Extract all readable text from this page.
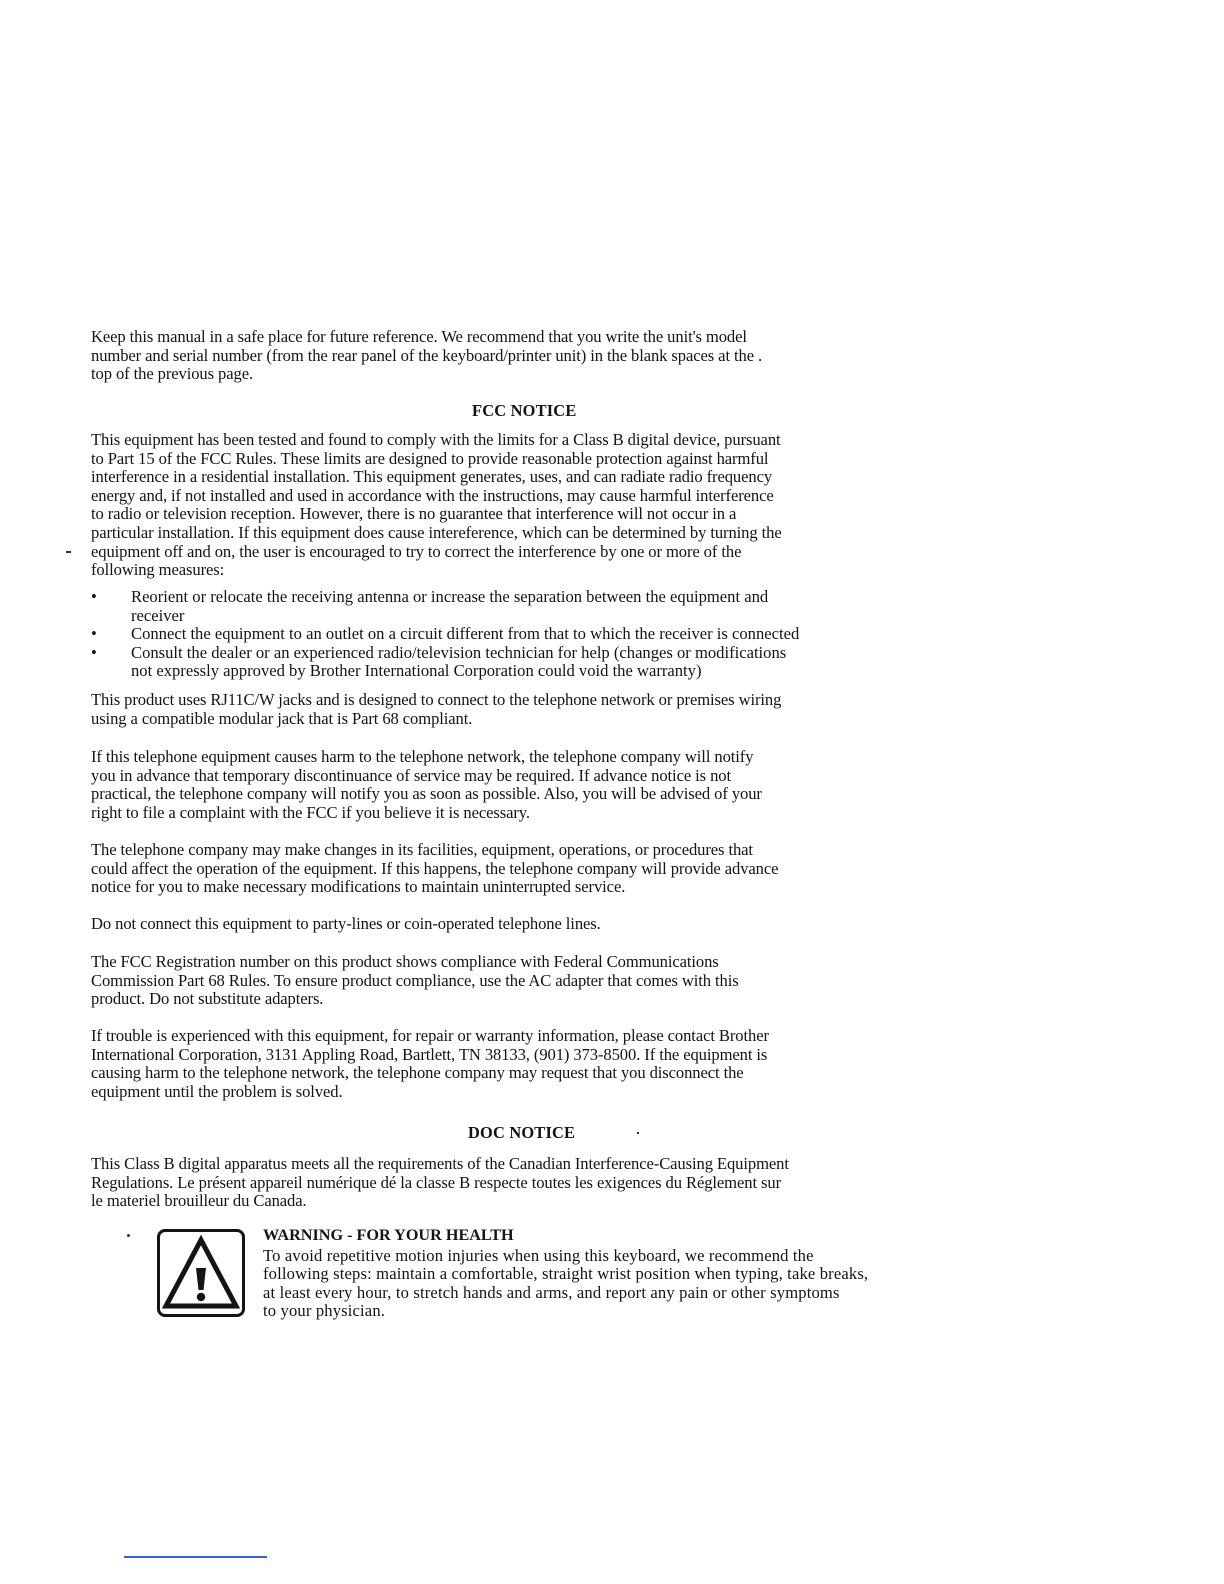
Keep this manual in a safe place for future reference. We recommend that you write the unit's model
number and serial number (from the rear panel of the keyboard/printer unit) in the blank spaces at the .
top of the previous page.
FCC NOTICE
This equipment has been tested and found to comply with the limits for a Class B digital device, pursuant
to Part 15 of the FCC Rules. These limits are designed to provide reasonable protection against harmful
interference in a residential installation. This equipment generates, uses, and can radiate radio frequency
energy and, if not installed and used in accordance with the instructions, may cause harmful interference
to radio or television reception. However, there is no guarantee that interference will not occur in a
particular installation. If this equipment does cause intereference, which can be determined by turning the
equipment off and on, the user is encouraged to try to correct the interference by one or more of the
following measures:
• Reorient or relocate the receiving antenna or increase the separation between the equipment and
receiver
• Connect the equipment to an outlet on a circuit different from that to which the receiver is connected
• Consult the dealer or an experienced radio/television technician for help (changes or modifications
not expressly approved by Brother International Corporation could void the warranty)
This product uses RJ11C/W jacks and is designed to connect to the telephone network or premises wiring
using a compatible modular jack that is Part 68 compliant.
If this telephone equipment causes harm to the telephone network, the telephone company will notify
you in advance that temporary discontinuance of service may be required. If advance notice is not
practical, the telephone company will notify you as soon as possible. Also, you will be advised of your
right to file a complaint with the FCC if you believe it is necessary.
The telephone company may make changes in its facilities, equipment, operations, or procedures that
could affect the operation of the equipment. If this happens, the telephone company will provide advance
notice for you to make necessary modifications to maintain uninterrupted service.
Do not connect this equipment to party-lines or coin-operated telephone lines.
The FCC Registration number on this product shows compliance with Federal Communications
Commission Part 68 Rules. To ensure product compliance, use the AC adapter that comes with this
product. Do not substitute adapters.
If trouble is experienced with this equipment, for repair or warranty information, please contact Brother
International Corporation, 3131 Appling Road, Bartlett, TN 38133, (901) 373-8500. If the equipment is
causing harm to the telephone network, the telephone company may request that you disconnect the
equipment until the problem is solved.
DOC NOTICE
This Class B digital apparatus meets all the requirements of the Canadian Interference-Causing Equipment
Regulations. Le présent appareil numérique dé la classe B respecte toutes les exigences du Réglement sur
le materiel brouilleur du Canada.
WARNING - FOR YOUR HEALTH
To avoid repetitive motion injuries when using this keyboard, we recommend the
following steps: maintain a comfortable, straight wrist position when typing, take breaks,
at least every hour, to stretch hands and arms, and report any pain or other symptoms
to your physician.
